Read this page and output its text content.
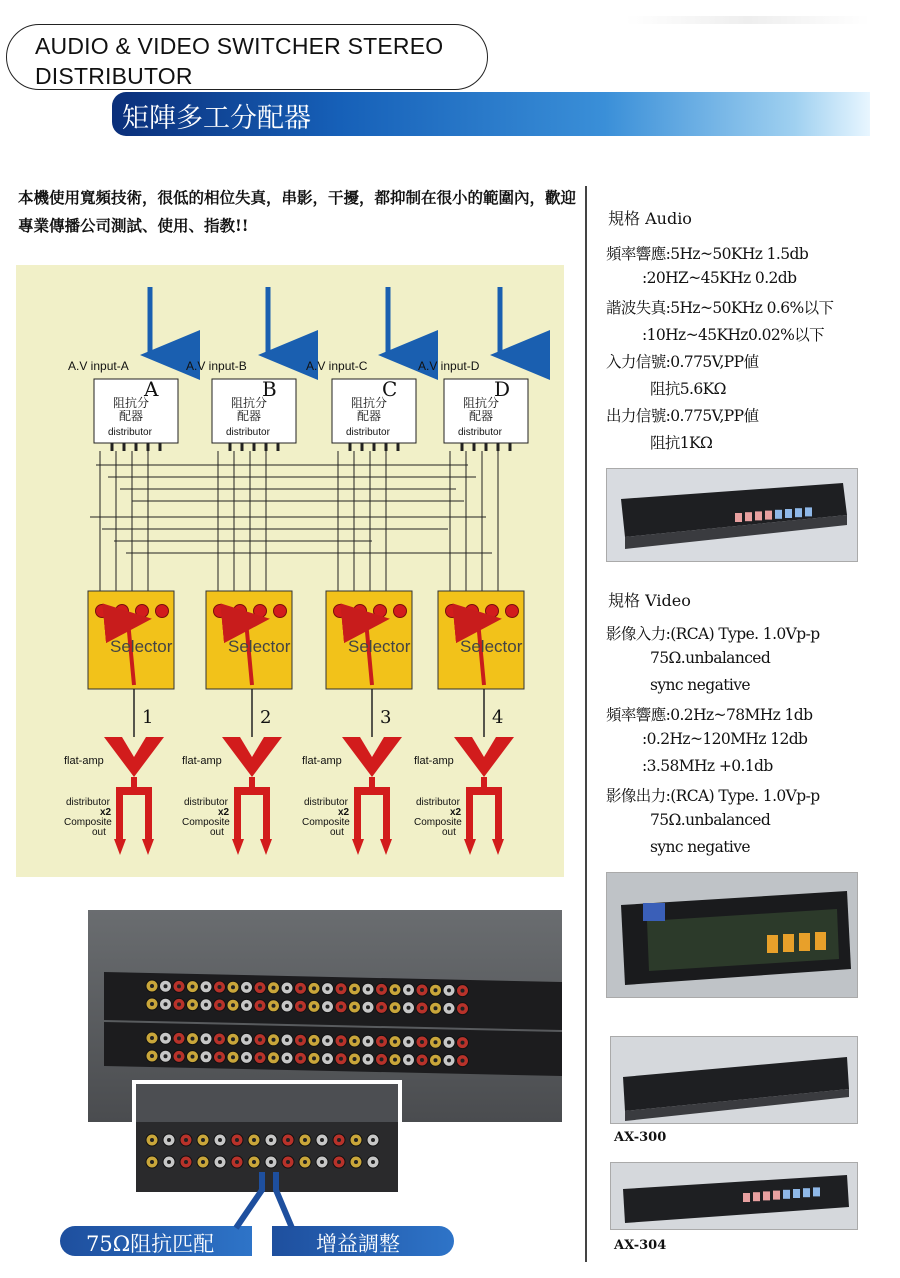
AUDIO & VIDEO SWITCHER STEREO
DISTRIBUTOR
矩陣多工分配器
本機使用寬頻技術，很低的相位失真，串影，干擾，都抑制在很小的範圍內，歡迎專業傳播公司測試、使用、指教!!
A.V input-A
A
阻抗分配器
distributor
Selector
1
flat-amp
distributor
x2
Composite
out
A.V input-B
B
阻抗分配器
distributor
Selector
2
flat-amp
distributor
x2
Composite
out
A.V input-C
C
阻抗分配器
distributor
Selector
3
flat-amp
distributor
x2
Composite
out
A.V input-D
D
阻抗分配器
distributor
Selector
4
flat-amp
distributor
x2
Composite
out
75Ω阻抗匹配	增益調整
規格 Audio
頻率響應:5Hz~50KHz 1.5db
:20HZ~45KHz 0.2db
諧波失真:5Hz~50KHz 0.6%以下
:10Hz~45KHz0.02%以下
入力信號:0.775V,PP値
阻抗5.6KΩ
出力信號:0.775V,PP値
阻抗1KΩ
規格 Video
影像入力:(RCA) Type. 1.0Vp-p
75Ω.unbalanced
sync negative
頻率響應:0.2Hz~78MHz 1db
:0.2Hz~120MHz 12db
:3.58MHz +0.1db
影像出力:(RCA) Type. 1.0Vp-p
75Ω.unbalanced
sync negative
AX-300
AX-304
